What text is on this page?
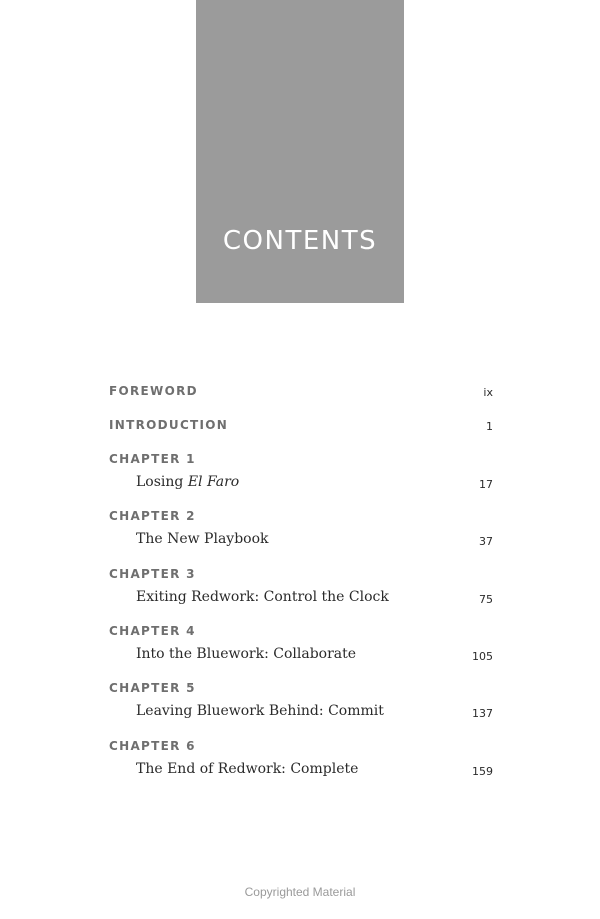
CONTENTS
FOREWORD	ix
INTRODUCTION	1
CHAPTER 1
Losing El Faro	17
CHAPTER 2
The New Playbook	37
CHAPTER 3
Exiting Redwork: Control the Clock	75
CHAPTER 4
Into the Bluework: Collaborate	105
CHAPTER 5
Leaving Bluework Behind: Commit	137
CHAPTER 6
The End of Redwork: Complete	159
Copyrighted Material
